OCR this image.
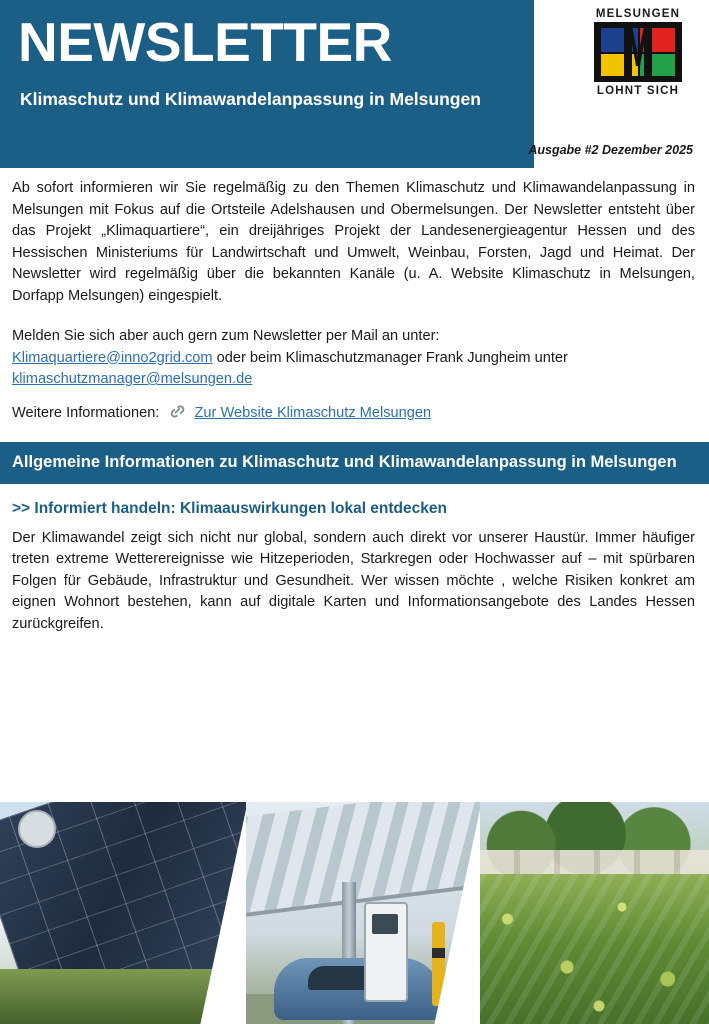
NEWSLETTER
Klimaschutz und Klimawandelanpassung in Melsungen
MELSUNGEN
LOHNT SICH
Ausgabe #2 Dezember 2025

Ab sofort informieren wir Sie regelmäßig zu den Themen Klimaschutz und Klimawandelanpassung in Melsungen mit Fokus auf die Ortsteile Adelshausen und Obermelsungen. Der Newsletter entsteht über das Projekt „Klimaquartiere“, ein dreijähriges Projekt der Landesenergieagentur Hessen und des Hessischen Ministeriums für Landwirtschaft und Umwelt, Weinbau, Forsten, Jagd und Heimat. Der Newsletter wird regelmäßig über die bekannten Kanäle (u. A. Website Klimaschutz in Melsungen, Dorfapp Melsungen) eingespielt.

Melden Sie sich aber auch gern zum Newsletter per Mail an unter:
Klimaquartiere@inno2grid.com oder beim Klimaschutzmanager Frank Jungheim unter
klimaschutzmanager@melsungen.de

Weitere Informationen: Zur Website Klimaschutz Melsungen
Allgemeine Informationen zu Klimaschutz und Klimawandelanpassung in Melsungen
>> Informiert handeln: Klimaauswirkungen lokal entdecken
Der Klimawandel zeigt sich nicht nur global, sondern auch direkt vor unserer Haustür. Immer häufiger treten extreme Wetterereignisse wie Hitzeperioden, Starkregen oder Hochwasser auf – mit spürbaren Folgen für Gebäude, Infrastruktur und Gesundheit. Wer wissen möchte , welche Risiken konkret am eignen Wohnort bestehen, kann auf digitale Karten und Informationsangebote des Landes Hessen zurückgreifen.
